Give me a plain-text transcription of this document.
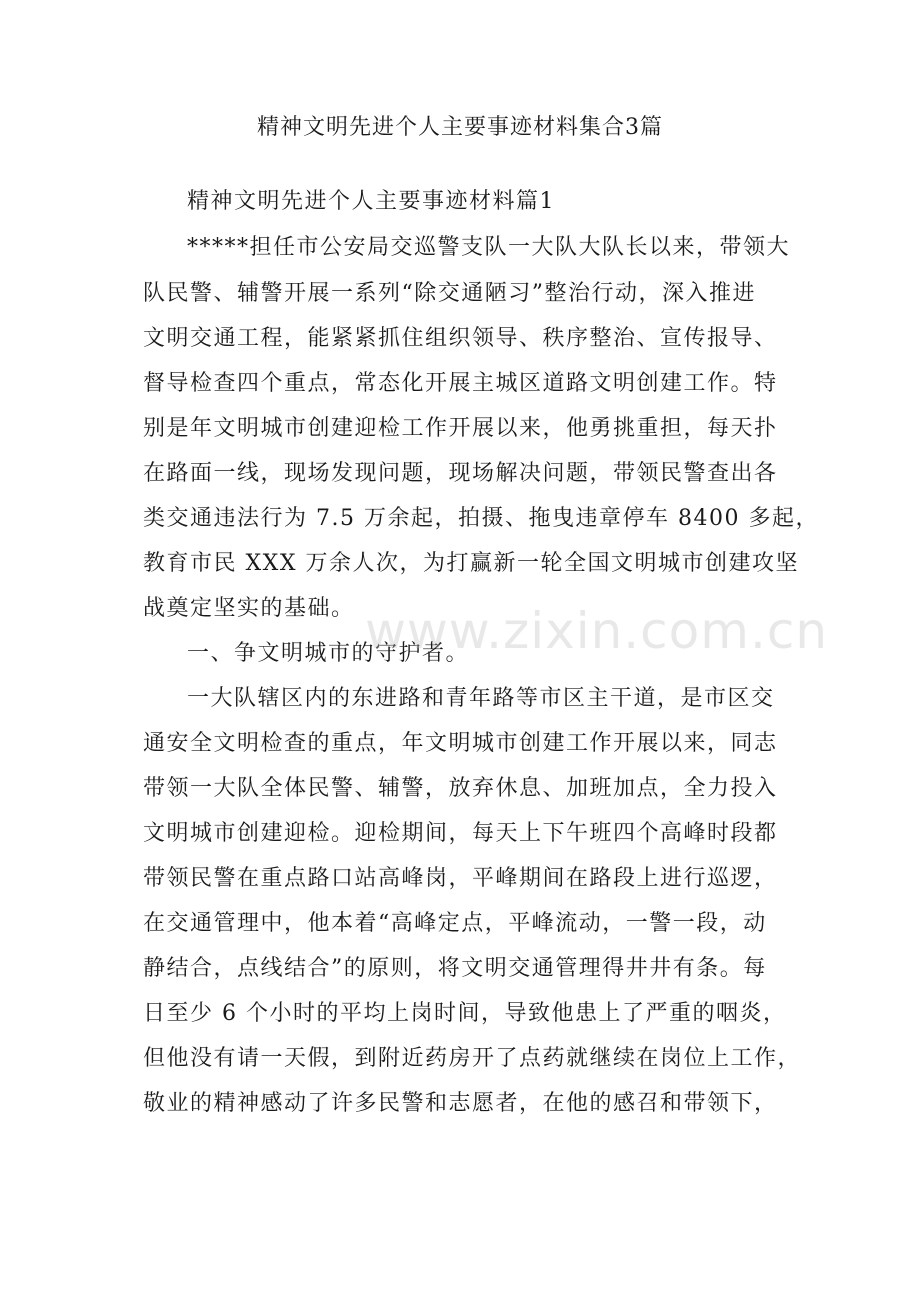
精神文明先进个人主要事迹材料集合3篇

精神文明先进个人主要事迹材料篇1

*****担任市公安局交巡警支队一大队大队长以来，带领大

队民警、辅警开展一系列“除交通陋习”整治行动，深入推进

文明交通工程，能紧紧抓住组织领导、秩序整治、宣传报导、

督导检查四个重点，常态化开展主城区道路文明创建工作。特

别是年文明城市创建迎检工作开展以来，他勇挑重担，每天扑

在路面一线，现场发现问题，现场解决问题，带领民警查出各

类交通违法行为 7.5 万余起，拍摄、拖曳违章停车 8400 多起，

教育市民 XXX 万余人次，为打赢新一轮全国文明城市创建攻坚

战奠定坚实的基础。

一、争文明城市的守护者。

一大队辖区内的东进路和青年路等市区主干道，是市区交

通安全文明检查的重点，年文明城市创建工作开展以来，同志

带领一大队全体民警、辅警，放弃休息、加班加点，全力投入

文明城市创建迎检。迎检期间，每天上下午班四个高峰时段都

带领民警在重点路口站高峰岗，平峰期间在路段上进行巡逻，

在交通管理中，他本着“高峰定点，平峰流动，一警一段，动

静结合，点线结合”的原则，将文明交通管理得井井有条。每

日至少 6 个小时的平均上岗时间，导致他患上了严重的咽炎，

但他没有请一天假，到附近药房开了点药就继续在岗位上工作，

敬业的精神感动了许多民警和志愿者，在他的感召和带领下，

www.zixin.com.cn
